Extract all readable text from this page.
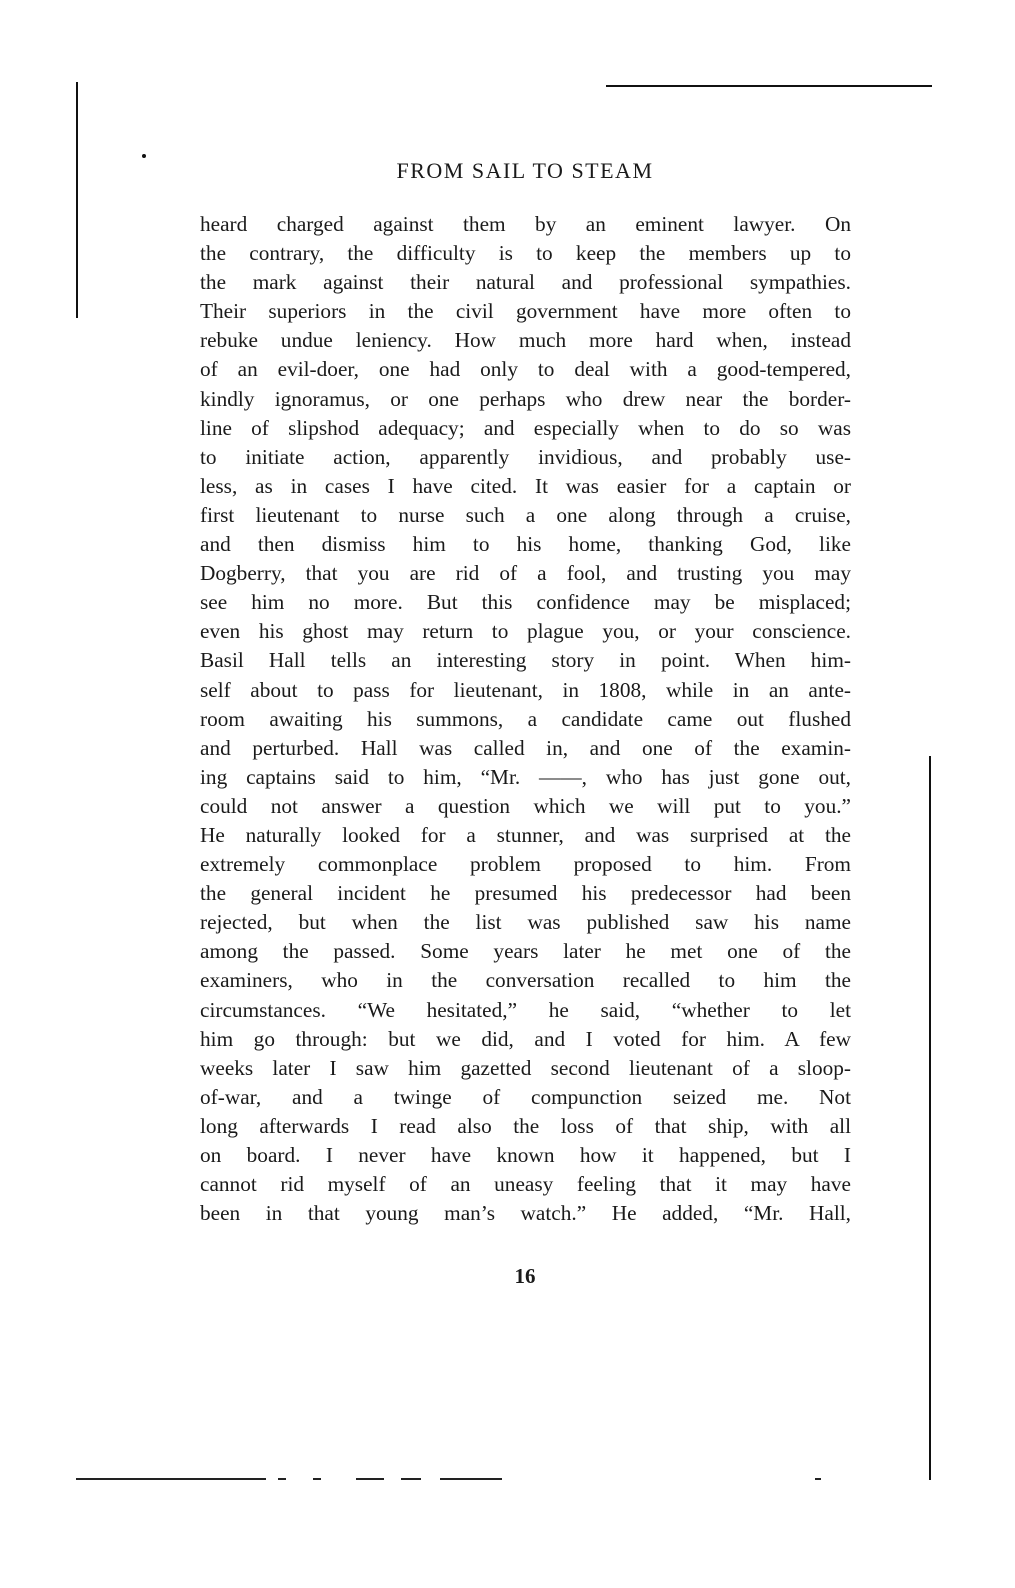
FROM SAIL TO STEAM
heard charged against them by an eminent lawyer. On
the contrary, the difficulty is to keep the members up to
the mark against their natural and professional sympathies.
Their superiors in the civil government have more often to
rebuke undue leniency. How much more hard when, instead
of an evil-doer, one had only to deal with a good-tempered,
kindly ignoramus, or one perhaps who drew near the border-
line of slipshod adequacy; and especially when to do so was
to initiate action, apparently invidious, and probably use-
less, as in cases I have cited. It was easier for a captain or
first lieutenant to nurse such a one along through a cruise,
and then dismiss him to his home, thanking God, like
Dogberry, that you are rid of a fool, and trusting you may
see him no more. But this confidence may be misplaced;
even his ghost may return to plague you, or your conscience.
Basil Hall tells an interesting story in point. When him-
self about to pass for lieutenant, in 1808, while in an ante-
room awaiting his summons, a candidate came out flushed
and perturbed. Hall was called in, and one of the examin-
ing captains said to him, “Mr. ——, who has just gone out,
could not answer a question which we will put to you.”
He naturally looked for a stunner, and was surprised at the
extremely commonplace problem proposed to him. From
the general incident he presumed his predecessor had been
rejected, but when the list was published saw his name
among the passed. Some years later he met one of the
examiners, who in the conversation recalled to him the
circumstances. “We hesitated,” he said, “whether to let
him go through: but we did, and I voted for him. A few
weeks later I saw him gazetted second lieutenant of a sloop-
of-war, and a twinge of compunction seized me. Not
long afterwards I read also the loss of that ship, with all
on board. I never have known how it happened, but I
cannot rid myself of an uneasy feeling that it may have
been in that young man’s watch.” He added, “Mr. Hall,
16
